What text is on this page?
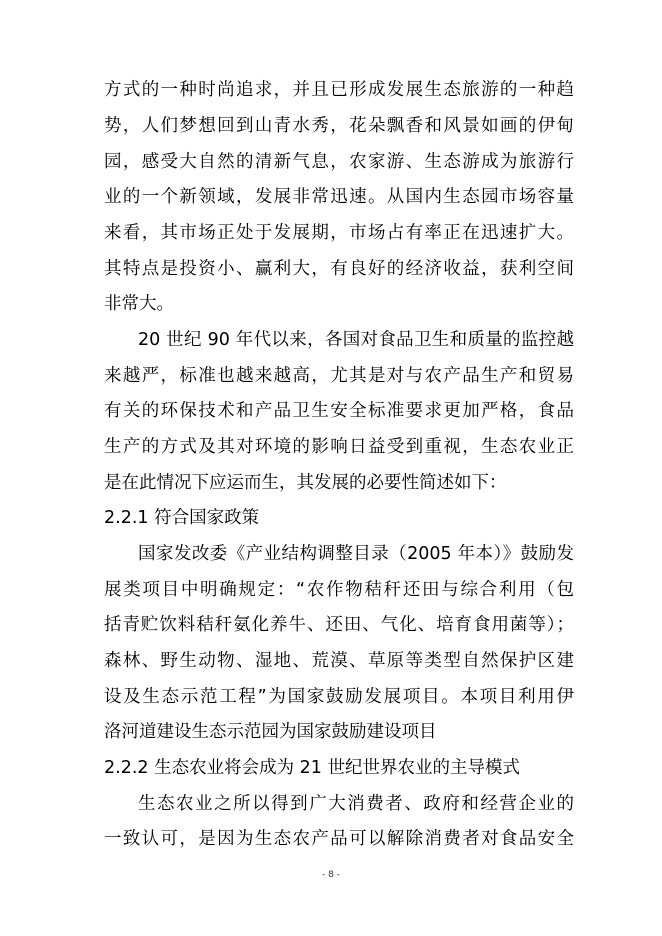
方式的一种时尚追求，并且已形成发展生态旅游的一种趋
势，人们梦想回到山青水秀，花朵飘香和风景如画的伊甸
园，感受大自然的清新气息，农家游、生态游成为旅游行
业的一个新领域，发展非常迅速。从国内生态园市场容量
来看，其市场正处于发展期，市场占有率正在迅速扩大。
其特点是投资小、赢利大，有良好的经济收益，获利空间
非常大。
20 世纪 90 年代以来，各国对食品卫生和质量的监控越
来越严，标准也越来越高，尤其是对与农产品生产和贸易
有关的环保技术和产品卫生安全标准要求更加严格，食品
生产的方式及其对环境的影响日益受到重视，生态农业正
是在此情况下应运而生，其发展的必要性简述如下：
2.2.1 符合国家政策
国家发改委《产业结构调整目录（2005 年本）》鼓励发
展类项目中明确规定：“农作物秸秆还田与综合利用（包
括青贮饮料秸秆氨化养牛、还田、气化、培育食用菌等）；
森林、野生动物、湿地、荒漠、草原等类型自然保护区建
设及生态示范工程”为国家鼓励发展项目。本项目利用伊
洛河道建设生态示范园为国家鼓励建设项目
2.2.2 生态农业将会成为 21 世纪世界农业的主导模式
生态农业之所以得到广大消费者、政府和经营企业的
一致认可，是因为生态农产品可以解除消费者对食品安全
- 8 -
